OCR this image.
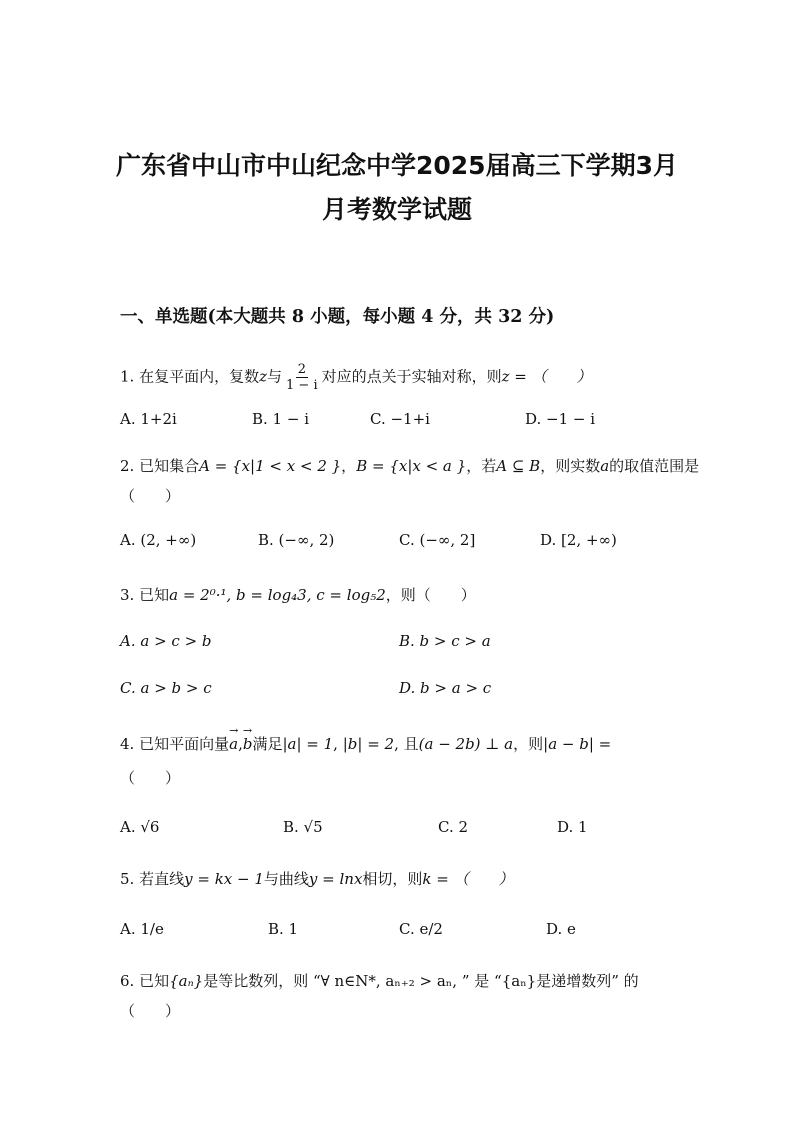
广东省中山市中山纪念中学2025届高三下学期3月
月考数学试题
一、单选题(本大题共 8 小题，每小题 4 分，共 32 分)
1. 在复平面内，复数z与 $\frac{2}{1 - i}$ 对应的点关于实轴对称，则z = （　　）
A. 1+2i	B. 1 − i	C. −1+i	D. −1 − i
2. 已知集合A = {x|1 < x < 2 }，B = {x|x < a }，若A ⊆ B，则实数a的取值范围是
（　　）
A. (2, +∞)	B. (−∞, 2)	C. (−∞, 2]	D. [2, +∞)
3. 已知a = 2⁰·¹, b = log₄3, c = log₅2，则（　　）
A. a > c > b	B. b > c > a
C. a > b > c	D. b > a > c
4. 已知平面向量→ a,→ b满足|a| = 1, |b| = 2, 且(a − 2b) ⊥ a，则|a − b| =
（　　）
A. √6	B. √5	C. 2	D. 1
5. 若直线y = kx − 1与曲线y = lnx相切，则k = （　　）
A. 1/e	B. 1	C. e/2	D. e
6. 已知{aₙ}是等比数列，则 “∀ n∈N*, aₙ₊₂ > aₙ, ” 是 “{aₙ}是递增数列” 的
（　　）
